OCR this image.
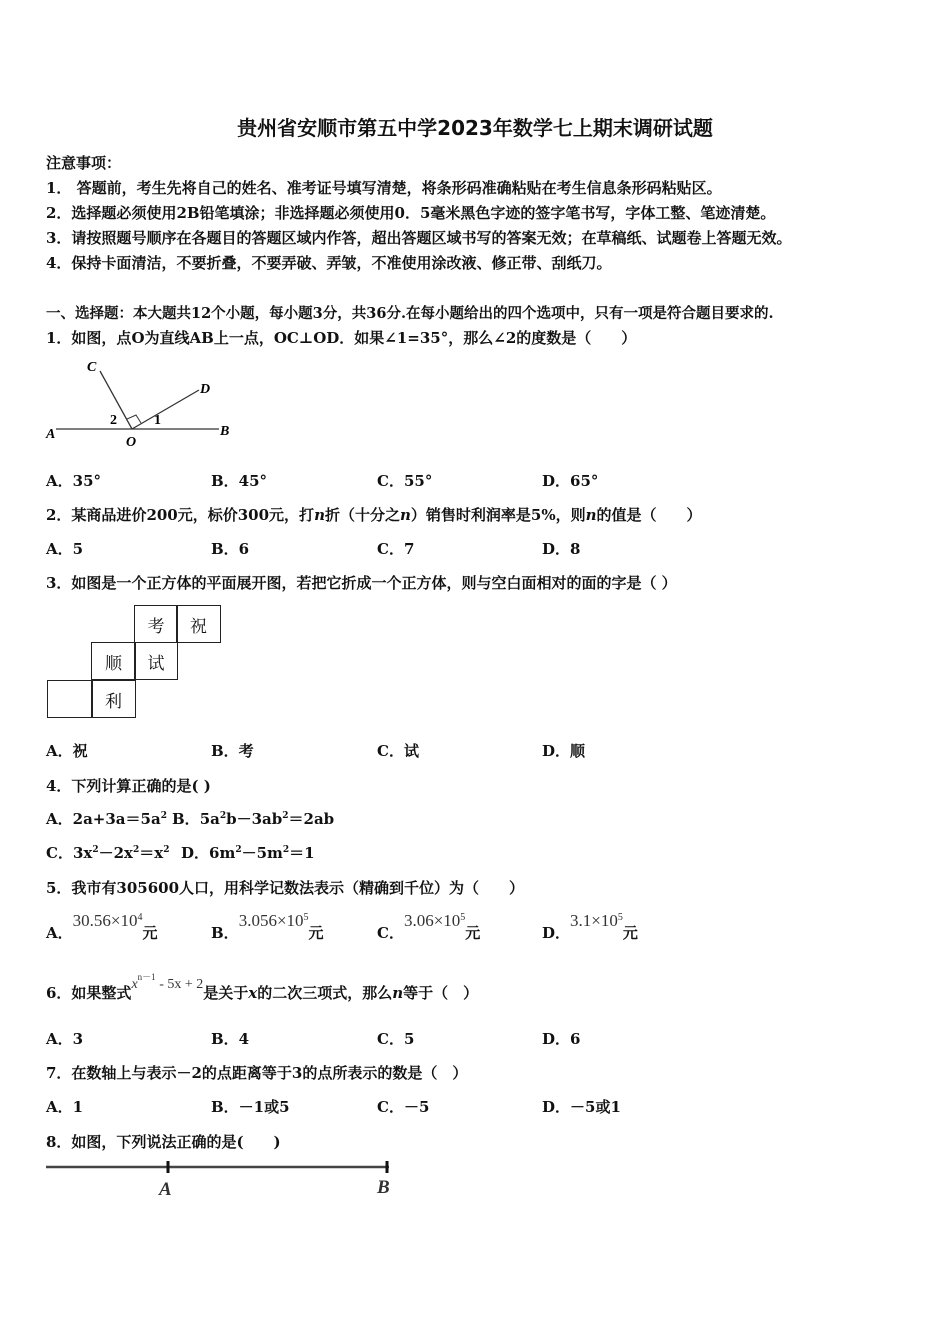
贵州省安顺市第五中学2023年数学七上期末调研试题
注意事项：
1． 答题前，考生先将自己的姓名、准考证号填写清楚，将条形码准确粘贴在考生信息条形码粘贴区。
2．选择题必须使用2B铅笔填涂；非选择题必须使用0．5毫米黑色字迹的签字笔书写，字体工整、笔迹清楚。
3．请按照题号顺序在各题目的答题区域内作答，超出答题区域书写的答案无效；在草稿纸、试题卷上答题无效。
4．保持卡面清洁，不要折叠，不要弄破、弄皱，不准使用涂改液、修正带、刮纸刀。
一、选择题：本大题共12个小题，每小题3分，共36分.在每小题给出的四个选项中，只有一项是符合题目要求的.
1．如图，点O为直线AB上一点，OC⊥OD．如果∠1=35°，那么∠2的度数是（　　）
C
D
A	B
O
2	1
A．35°	B．45°	C．55°	D．65°
2．某商品进价200元，标价300元，打n折（十分之n）销售时利润率是5%，则n的值是（　　）
A．5	B．6	C．7	D．8
3．如图是一个正方体的平面展开图，若把它折成一个正方体，则与空白面相对的面的字是（ ）
考	祝
顺	试
利
A．祝	B．考	C．试	D．顺
4．下列计算正确的是( )
A．$2a+3a=5a^2$ B．$5a^2b-3ab^2=2ab$
C．$3x^2-2x^2=x^2$ D．$6m^2-5m^2=1$
5．我市有305600人口，用科学记数法表示（精确到千位）为（　　）
A．$30.56\times 10^4$元	B．$3.056\times 10^5$元	C．$3.06\times 10^5$元	D．$3.1\times 10^5$元
6．如果整式$x^{n-1} - 5x + 2$是关于x的二次三项式，那么n等于（　）
A．3	B．4	C．5	D．6
7．在数轴上与表示－2的点距离等于3的点所表示的数是（　）
A．1	B．－1或5	C．－5	D．－5或1
8．如图，下列说法正确的是(　　)
A	B
